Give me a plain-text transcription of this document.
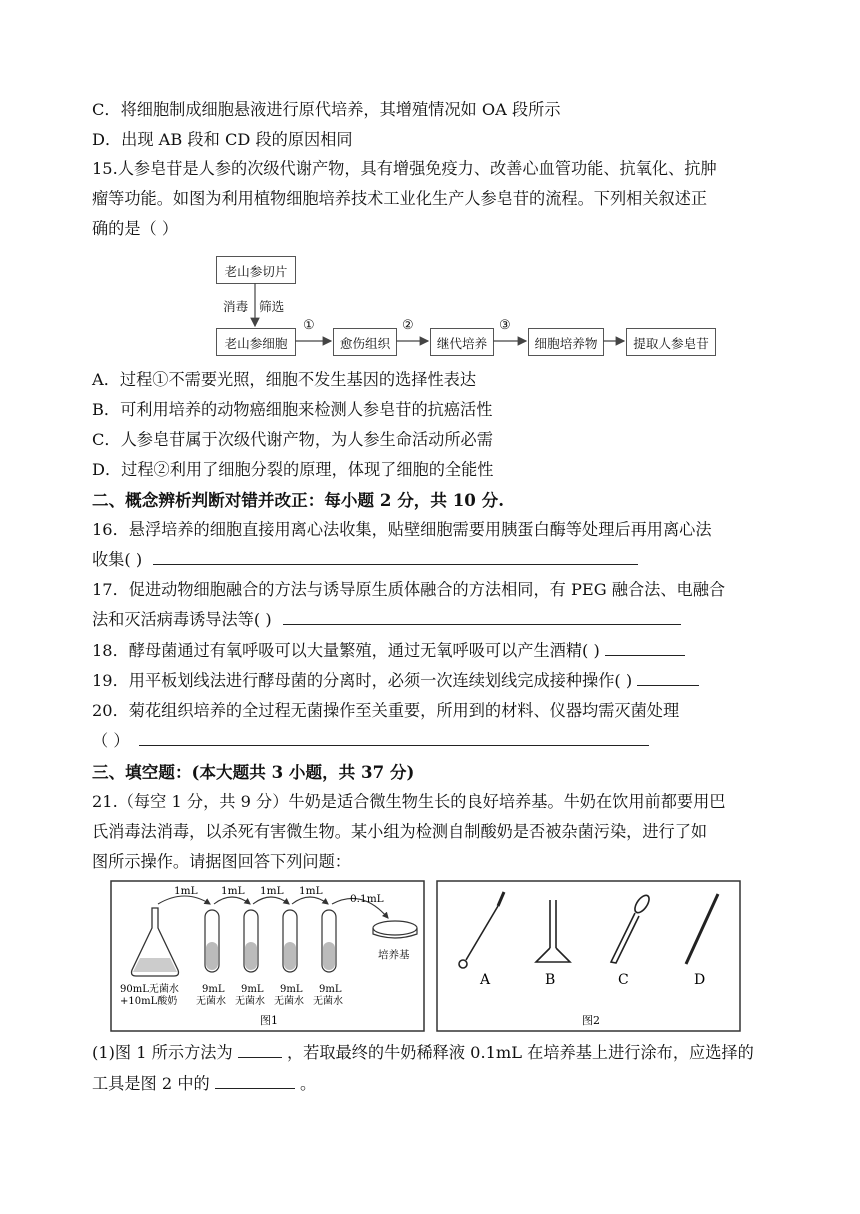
C．将细胞制成细胞悬液进行原代培养，其增殖情况如 OA 段所示
D．出现 AB 段和 CD 段的原因相同
15.人参皂苷是人参的次级代谢产物，具有增强免疫力、改善心血管功能、抗氧化、抗肿
瘤等功能。如图为利用植物细胞培养技术工业化生产人参皂苷的流程。下列相关叙述正
确的是（ ）
老山参切片
消毒 筛选
老山参细胞	愈伤组织	继代培养	细胞培养物	提取人参皂苷
①	②	③
A．过程①不需要光照，细胞不发生基因的选择性表达
B．可利用培养的动物癌细胞来检测人参皂苷的抗癌活性
C．人参皂苷属于次级代谢产物，为人参生命活动所必需
D．过程②利用了细胞分裂的原理，体现了细胞的全能性
二、概念辨析判断对错并改正：每小题 2 分，共 10 分.
16．悬浮培养的细胞直接用离心法收集，贴壁细胞需要用胰蛋白酶等处理后再用离心法
收集( )
17．促进动物细胞融合的方法与诱导原生质体融合的方法相同，有 PEG 融合法、电融合
法和灭活病毒诱导法等( )
18．酵母菌通过有氧呼吸可以大量繁殖，通过无氧呼吸可以产生酒精( )
19．用平板划线法进行酵母菌的分离时，必须一次连续划线完成接种操作( )
20．菊花组织培养的全过程无菌操作至关重要，所用到的材料、仪器均需灭菌处理
（ ）
三、填空题：(本大题共 3 小题，共 37 分)
21.（每空 1 分，共 9 分）牛奶是适合微生物生长的良好培养基。牛奶在饮用前都要用巴
氏消毒法消毒，以杀死有害微生物。某小组为检测自制酸奶是否被杂菌污染，进行了如
图所示操作。请据图回答下列问题：
1mL 1mL 1mL 1mL
0.1mL
培养基
90mL无菌水
+10mL酸奶
9mL
无菌水
9mL
无菌水
9mL
无菌水
9mL
无菌水
图1
A	B	C	D
图2
(1)图 1 所示方法为	，若取最终的牛奶稀释液 0.1mL 在培养基上进行涂布，应选择的
工具是图 2 中的	。
